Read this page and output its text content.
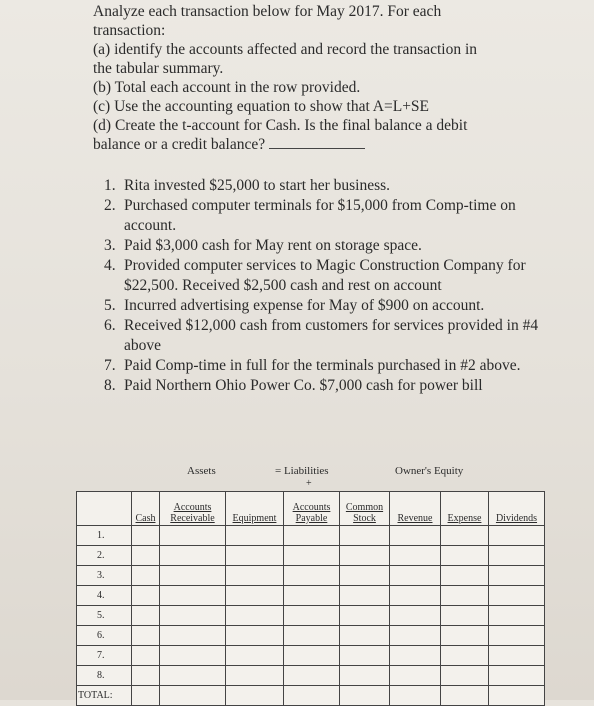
Analyze each transaction below for May 2017. For each

transaction:

(a) identify the accounts affected and record the transaction in

the tabular summary.

(b) Total each account in the row provided.

(c) Use the accounting equation to show that A=L+SE

(d) Create the t-account for Cash. Is the final balance a debit

balance or a credit balance?

1. Rita invested $25,000 to start her business.
2. Purchased computer terminals for $15,000 from Comp-time on account.
3. Paid $3,000 cash for May rent on storage space.
4. Provided computer services to Magic Construction Company for $22,500. Received $2,500 cash and rest on account
5. Incurred advertising expense for May of $900 on account.
6. Received $12,000 cash from customers for services provided in #4 above
7. Paid Comp-time in full for the terminals purchased in #2 above.
8. Paid Northern Ohio Power Co. $7,000 cash for power bill
Assets	= Liabilities
+
Owner's Equity
	Cash	Accounts Receivable	Equipment	Accounts Payable	Common Stock	Revenue	Expense	Dividends
1.								
2.								
3.								
4.								
5.								
6.								
7.								
8.								
TOTAL:								
